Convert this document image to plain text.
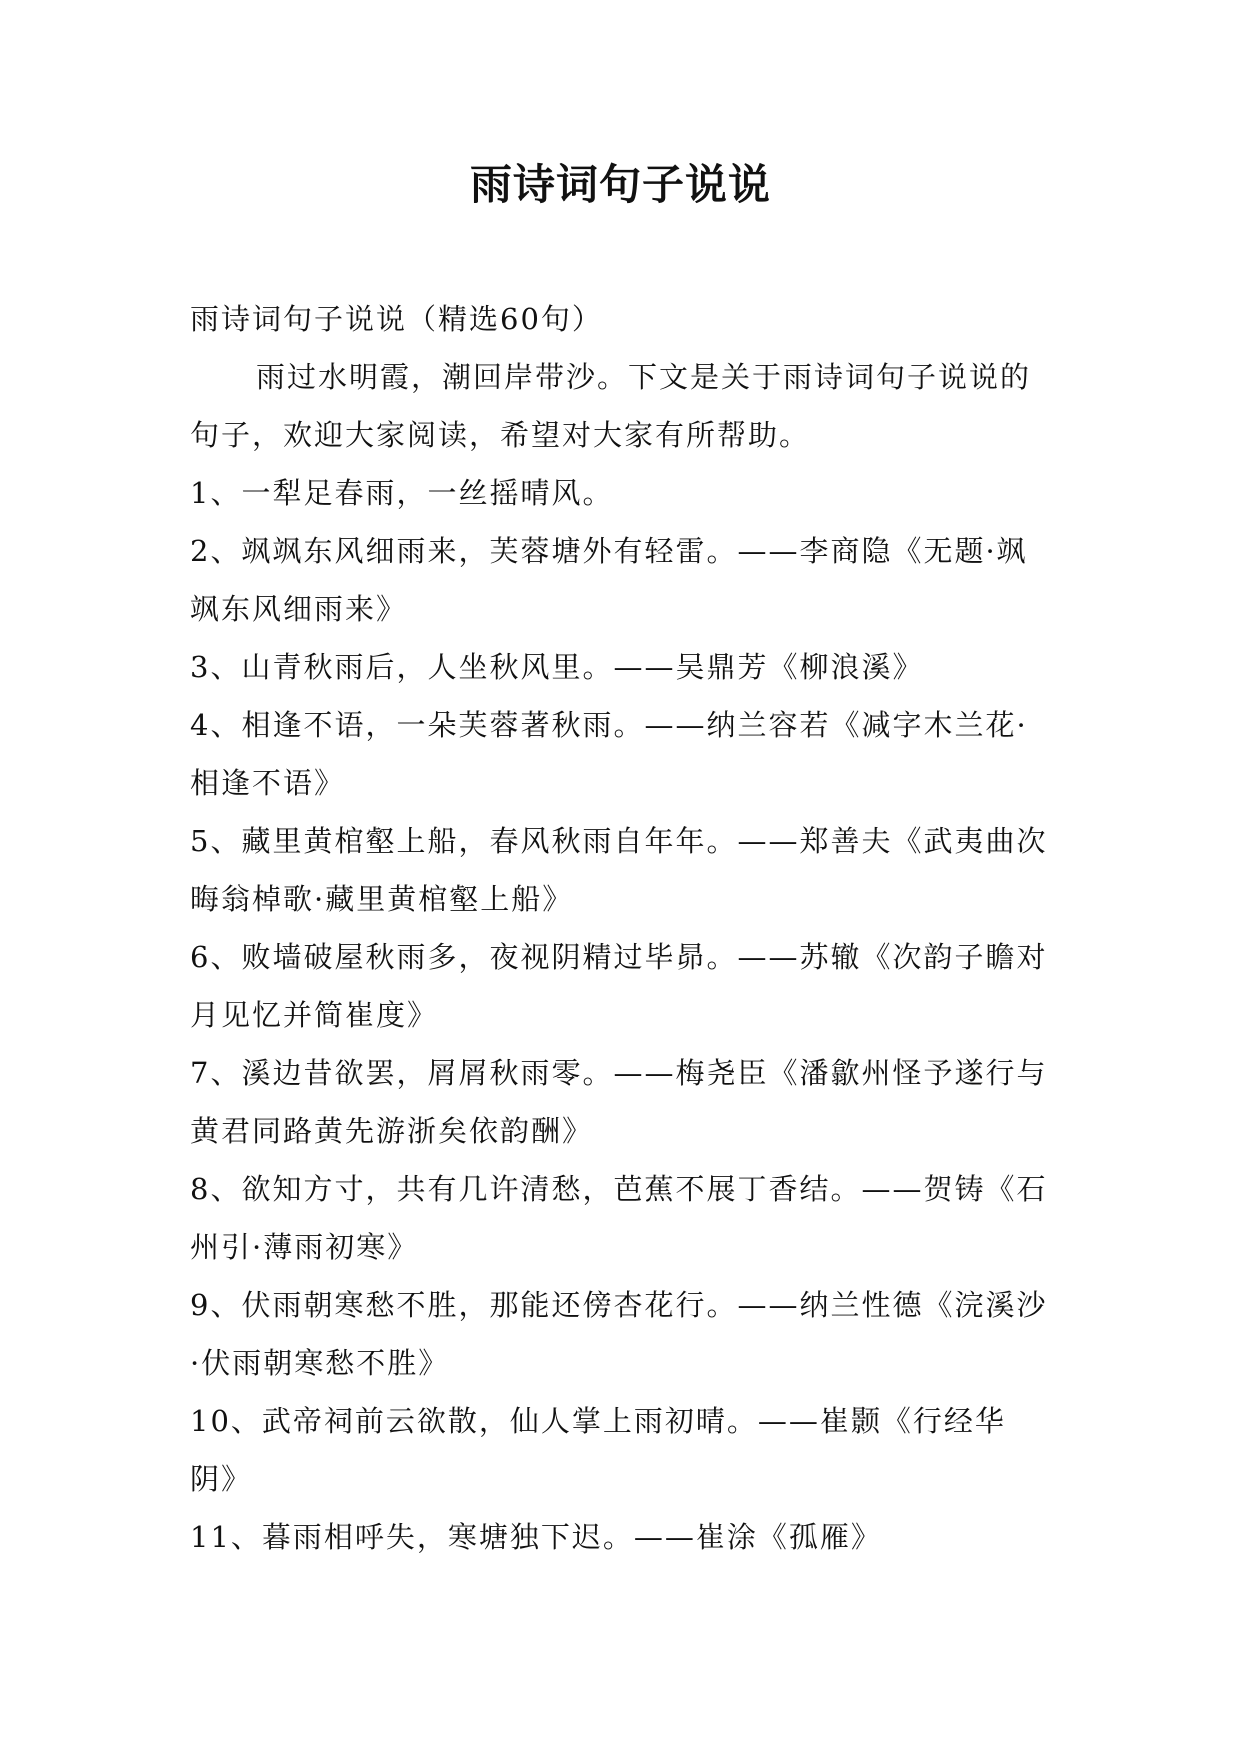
雨诗词句子说说

雨诗词句子说说（精选60句）

雨过水明霞，潮回岸带沙。下文是关于雨诗词句子说说的句子，欢迎大家阅读，希望对大家有所帮助。

1、一犁足春雨，一丝摇晴风。

2、飒飒东风细雨来，芙蓉塘外有轻雷。——李商隐《无题·飒飒东风细雨来》

3、山青秋雨后，人坐秋风里。——吴鼎芳《柳浪溪》

4、相逢不语，一朵芙蓉著秋雨。——纳兰容若《减字木兰花·相逢不语》

5、藏里黄棺壑上船，春风秋雨自年年。——郑善夫《武夷曲次晦翁棹歌·藏里黄棺壑上船》

6、败墙破屋秋雨多，夜视阴精过毕昴。——苏辙《次韵子瞻对月见忆并简崔度》

7、溪边昔欲罢，屑屑秋雨零。——梅尧臣《潘歙州怪予遂行与黄君同路黄先游浙矣依韵酬》

8、欲知方寸，共有几许清愁，芭蕉不展丁香结。——贺铸《石州引·薄雨初寒》

9、伏雨朝寒愁不胜，那能还傍杏花行。——纳兰性德《浣溪沙·伏雨朝寒愁不胜》

10、武帝祠前云欲散，仙人掌上雨初晴。——崔颢《行经华阴》

11、暮雨相呼失，寒塘独下迟。——崔涂《孤雁》
